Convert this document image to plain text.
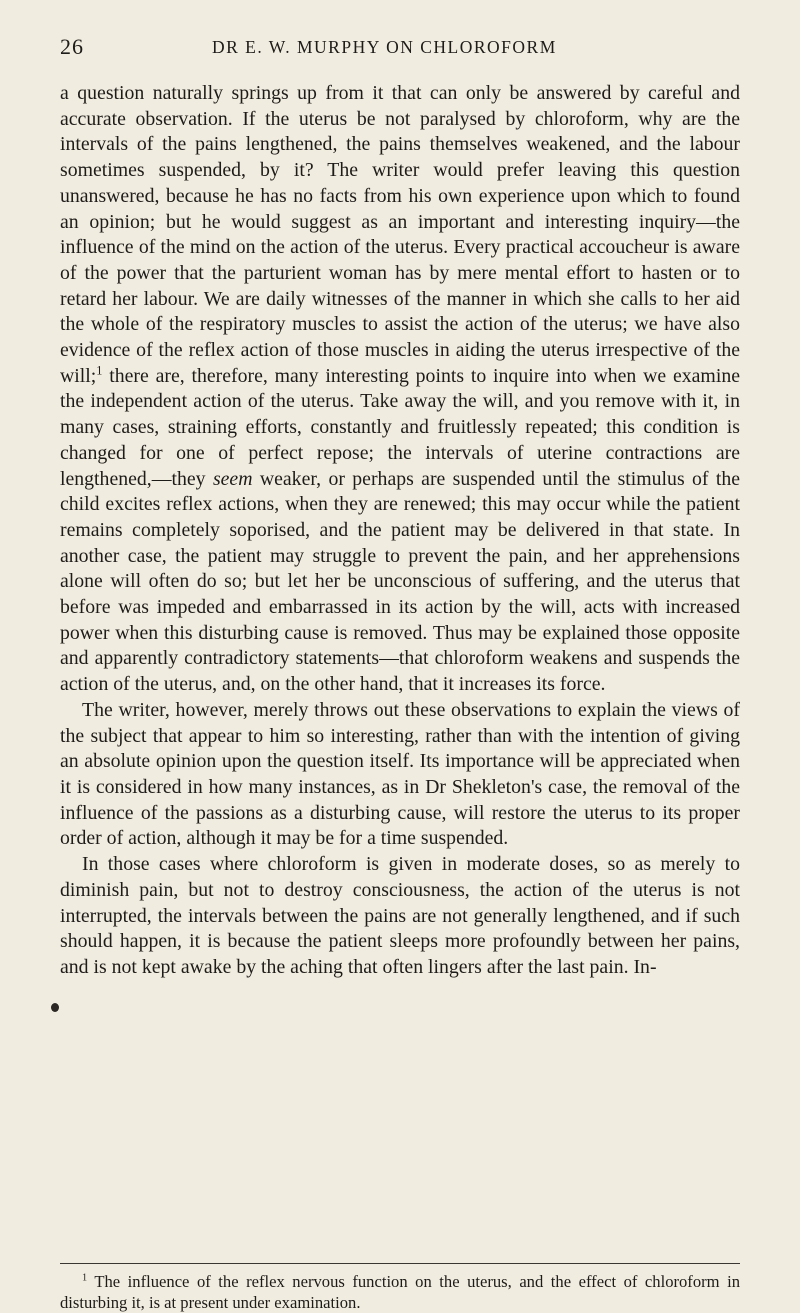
26	DR E. W. MURPHY ON CHLOROFORM

a question naturally springs up from it that can only be answered by careful and accurate observation. If the uterus be not paralysed by chloroform, why are the intervals of the pains lengthened, the pains themselves weakened, and the labour sometimes suspended, by it? The writer would prefer leaving this question unanswered, because he has no facts from his own experience upon which to found an opinion; but he would suggest as an important and interesting inquiry—the influence of the mind on the action of the uterus. Every practical accoucheur is aware of the power that the parturient woman has by mere mental effort to hasten or to retard her labour. We are daily witnesses of the manner in which she calls to her aid the whole of the respiratory muscles to assist the action of the uterus; we have also evidence of the reflex action of those muscles in aiding the uterus irrespective of the will;$^1$ there are, therefore, many interesting points to inquire into when we examine the independent action of the uterus. Take away the will, and you remove with it, in many cases, straining efforts, constantly and fruitlessly repeated; this condition is changed for one of perfect repose; the intervals of uterine contractions are lengthened,—they seem weaker, or perhaps are suspended until the stimulus of the child excites reflex actions, when they are renewed; this may occur while the patient remains completely soporised, and the patient may be delivered in that state. In another case, the patient may struggle to prevent the pain, and her apprehensions alone will often do so; but let her be unconscious of suffering, and the uterus that before was impeded and embarrassed in its action by the will, acts with increased power when this disturbing cause is removed. Thus may be explained those opposite and apparently contradictory statements—that chloroform weakens and suspends the action of the uterus, and, on the other hand, that it increases its force.

The writer, however, merely throws out these observations to explain the views of the subject that appear to him so interesting, rather than with the intention of giving an absolute opinion upon the question itself. Its importance will be appreciated when it is considered in how many instances, as in Dr Shekleton's case, the removal of the influence of the passions as a disturbing cause, will restore the uterus to its proper order of action, although it may be for a time suspended.

In those cases where chloroform is given in moderate doses, so as merely to diminish pain, but not to destroy consciousness, the action of the uterus is not interrupted, the intervals between the pains are not generally lengthened, and if such should happen, it is because the patient sleeps more profoundly between her pains, and is not kept awake by the aching that often lingers after the last pain. In-

$^1$ The influence of the reflex nervous function on the uterus, and the effect of chloroform in disturbing it, is at present under examination.
